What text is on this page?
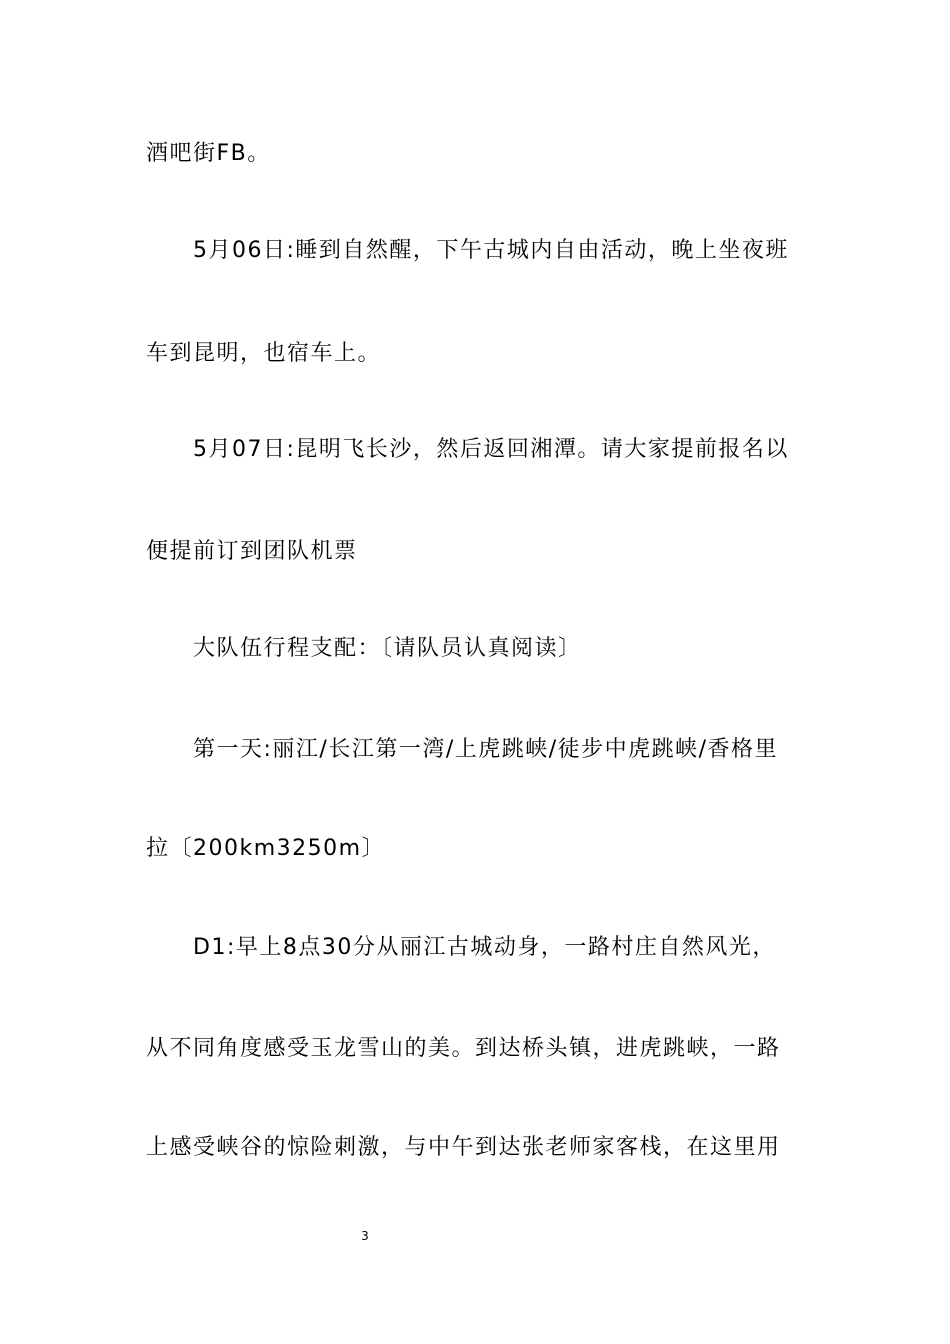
酒吧街FB。
5月06日:睡到自然醒，下午古城内自由活动，晚上坐夜班
车到昆明，也宿车上。
5月07日:昆明飞长沙，然后返回湘潭。请大家提前报名以
便提前订到团队机票
大队伍行程支配：〔请队员认真阅读〕
第一天:丽江/长江第一湾/上虎跳峡/徒步中虎跳峡/香格里
拉〔200km3250m〕
D1:早上8点30分从丽江古城动身，一路村庄自然风光，
从不同角度感受玉龙雪山的美。到达桥头镇，进虎跳峡，一路
上感受峡谷的惊险刺激，与中午到达张老师家客栈，在这里用
3
